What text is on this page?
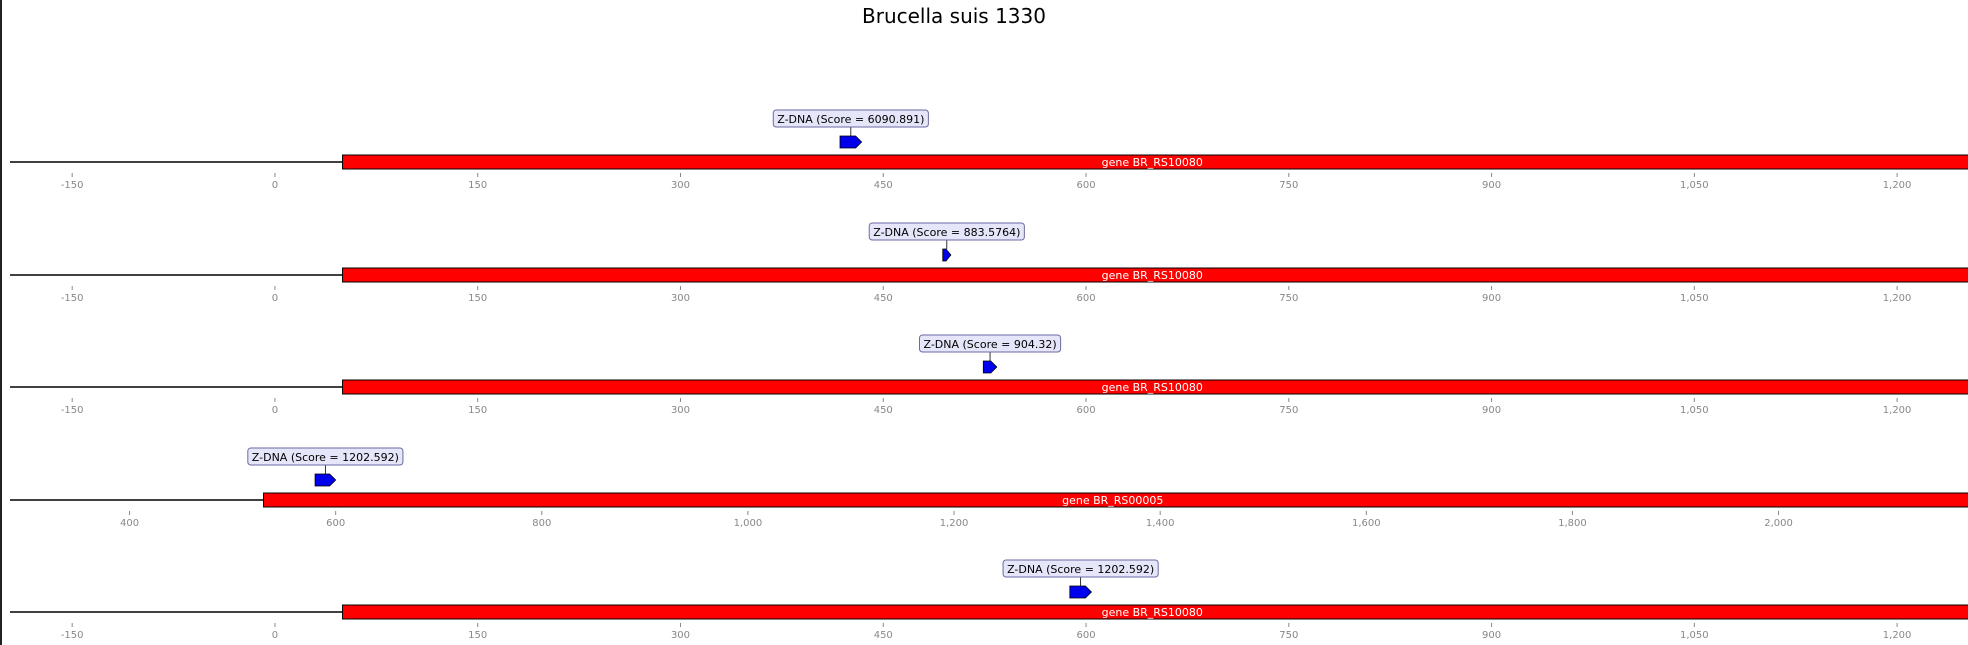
Brucella suis 1330
gene BR_RS10080
Z-DNA (Score = 6090.891)
-150	0	150	300	450	600	750	900	1,050	1,200
gene BR_RS10080
Z-DNA (Score = 883.5764)
-150	0	150	300	450	600	750	900	1,050	1,200
gene BR_RS10080
Z-DNA (Score = 904.32)
-150	0	150	300	450	600	750	900	1,050	1,200
gene BR_RS00005
Z-DNA (Score = 1202.592)
400	600	800	1,000	1,200	1,400	1,600	1,800	2,000
gene BR_RS10080
Z-DNA (Score = 1202.592)
-150	0	150	300	450	600	750	900	1,050	1,200
